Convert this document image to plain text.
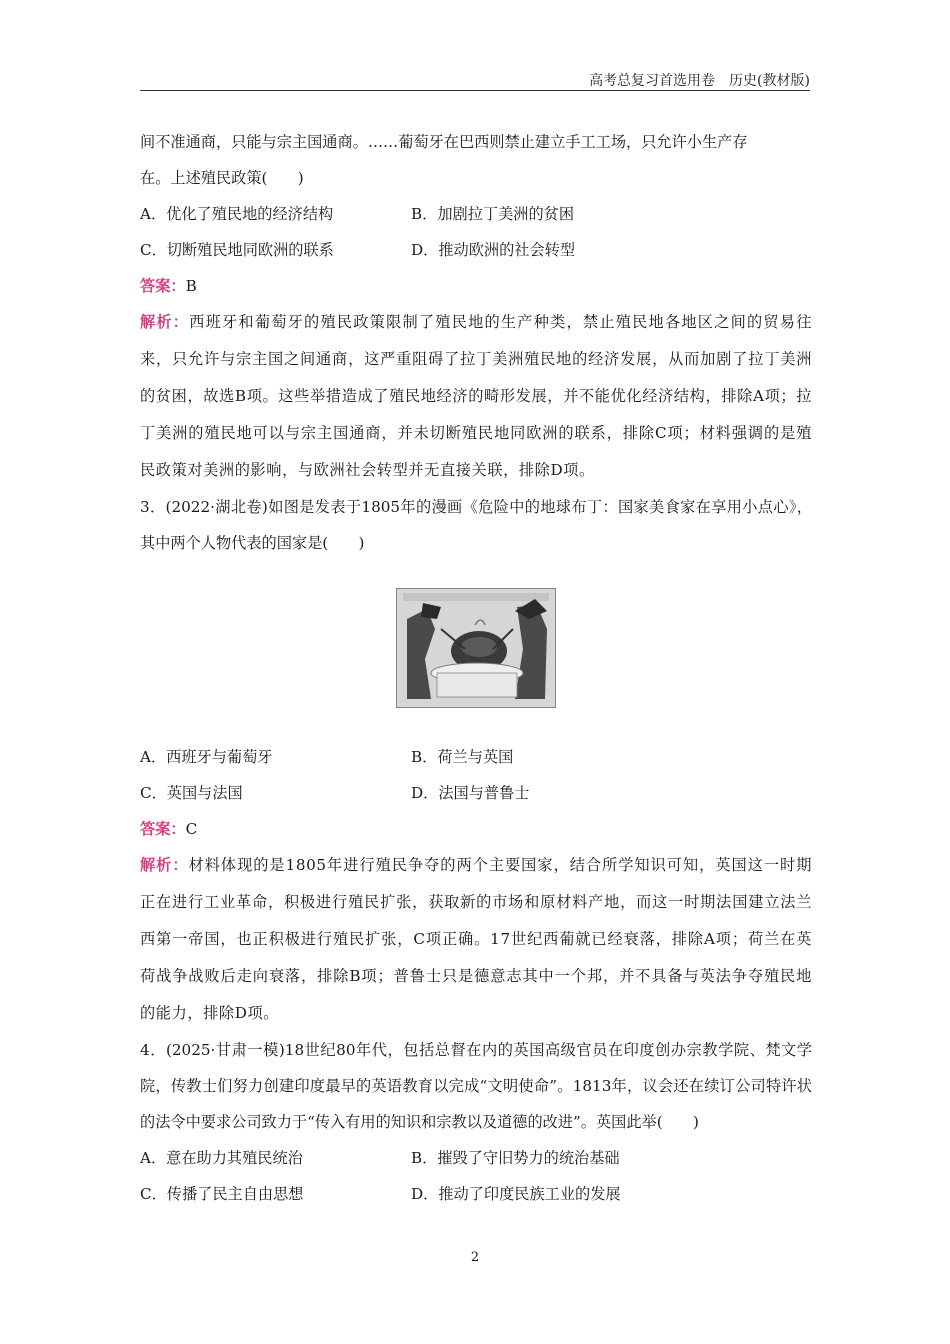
高考总复习首选用卷　历史(教材版)

间不准通商，只能与宗主国通商。……葡萄牙在巴西则禁止建立手工工场，只允许小生产存

在。上述殖民政策(　　)

A．优化了殖民地的经济结构	B．加剧拉丁美洲的贫困
C．切断殖民地同欧洲的联系	D．推动欧洲的社会转型

答案：B

解析：西班牙和葡萄牙的殖民政策限制了殖民地的生产种类，禁止殖民地各地区之间的贸易往来，只允许与宗主国之间通商，这严重阻碍了拉丁美洲殖民地的经济发展，从而加剧了拉丁美洲的贫困，故选B项。这些举措造成了殖民地经济的畸形发展，并不能优化经济结构，排除A项；拉丁美洲的殖民地可以与宗主国通商，并未切断殖民地同欧洲的联系，排除C项；材料强调的是殖民政策对美洲的影响，与欧洲社会转型并无直接关联，排除D项。

3．(2022·湖北卷)如图是发表于1805年的漫画《危险中的地球布丁：国家美食家在享用小点心》，其中两个人物代表的国家是(　　)

A．西班牙与葡萄牙	B．荷兰与英国
C．英国与法国	D．法国与普鲁士

答案：C

解析：材料体现的是1805年进行殖民争夺的两个主要国家，结合所学知识可知，英国这一时期正在进行工业革命，积极进行殖民扩张，获取新的市场和原材料产地，而这一时期法国建立法兰西第一帝国，也正积极进行殖民扩张，C项正确。17世纪西葡就已经衰落，排除A项；荷兰在英荷战争战败后走向衰落，排除B项；普鲁士只是德意志其中一个邦，并不具备与英法争夺殖民地的能力，排除D项。

4．(2025·甘肃一模)18世纪80年代，包括总督在内的英国高级官员在印度创办宗教学院、梵文学院，传教士们努力创建印度最早的英语教育以完成“文明使命”。1813年，议会还在续订公司特许状的法令中要求公司致力于“传入有用的知识和宗教以及道德的改进”。英国此举(　　)

A．意在助力其殖民统治	B．摧毁了守旧势力的统治基础
C．传播了民主自由思想	D．推动了印度民族工业的发展
2
